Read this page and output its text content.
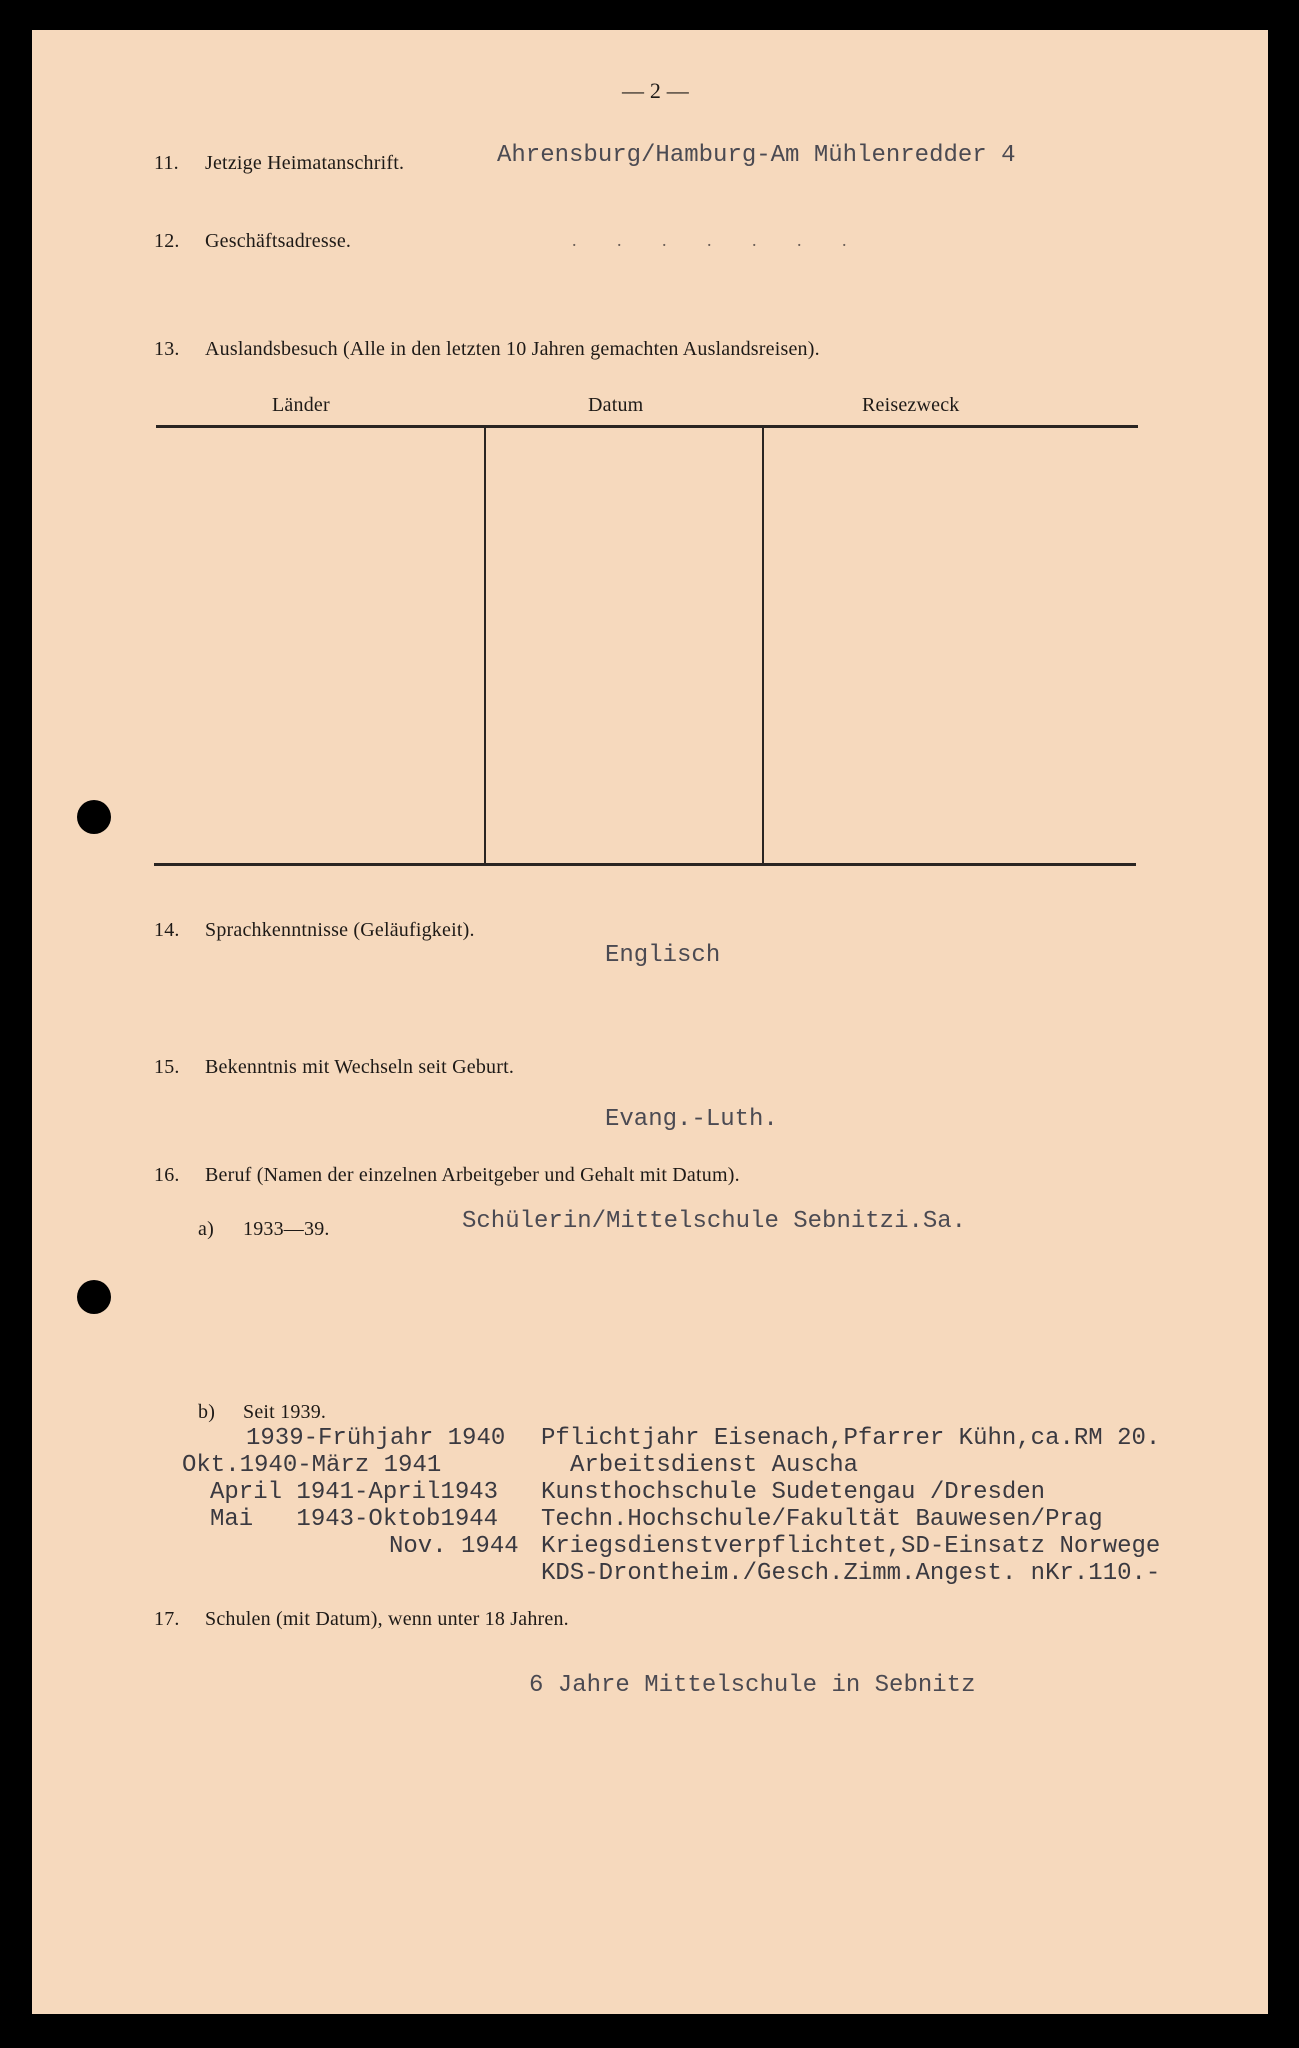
— 2 —
11. Jetzige Heimatanschrift.	Ahrensburg/Hamburg-Am Mühlenredder 4
12. Geschäftsadresse.	. . . . . . .
13. Auslandsbesuch (Alle in den letzten 10 Jahren gemachten Auslandsreisen).
Länder	Datum	Reisezweck
14. Sprachkenntnisse (Geläufigkeit).
Englisch
15. Bekenntnis mit Wechseln seit Geburt.
Evang.-Luth.
16. Beruf (Namen der einzelnen Arbeitgeber und Gehalt mit Datum).
a) 1933—39.	Schülerin/Mittelschule Sebnitzi.Sa.
b) Seit 1939.
1939-Frühjahr 1940 Pflichtjahr Eisenach,Pfarrer Kühn,ca.RM 20.
Okt.1940-März 1941	Arbeitsdienst Auscha
April 1941-April1943 Kunsthochschule Sudetengau /Dresden
Mai   1943-Oktob1944 Techn.Hochschule/Fakultät Bauwesen/Prag
Nov. 1944 Kriegsdienstverpflichtet,SD-Einsatz Norwege
KDS-Drontheim./Gesch.Zimm.Angest. nKr.110.-
17. Schulen (mit Datum), wenn unter 18 Jahren.
6 Jahre Mittelschule in Sebnitz
